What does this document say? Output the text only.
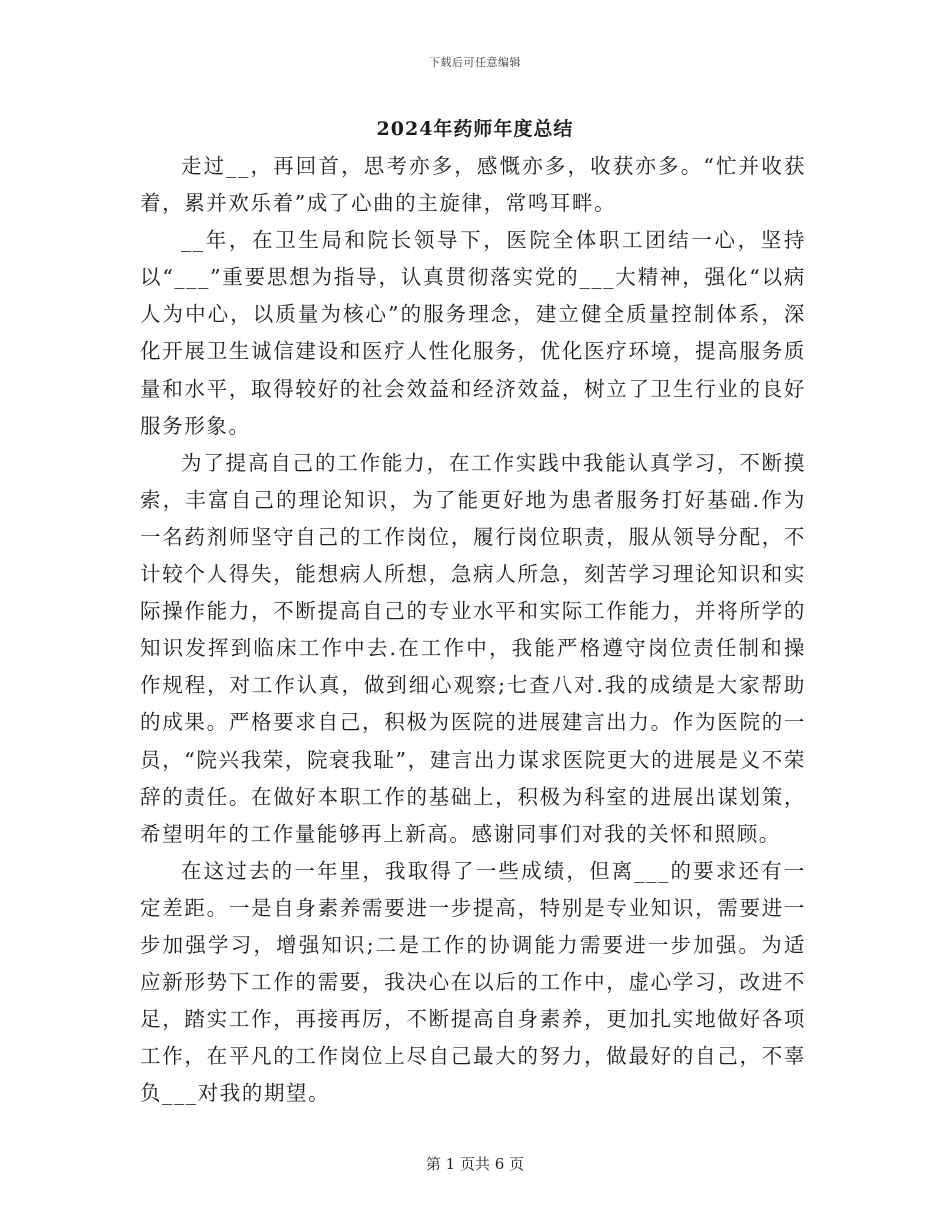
下载后可任意编辑
2024年药师年度总结

走过__，再回首，思考亦多，感慨亦多，收获亦多。“忙并收获着，累并欢乐着”成了心曲的主旋律，常鸣耳畔。

__年，在卫生局和院长领导下，医院全体职工团结一心，坚持以“___”重要思想为指导，认真贯彻落实党的___大精神，强化“以病人为中心，以质量为核心”的服务理念，建立健全质量控制体系，深化开展卫生诚信建设和医疗人性化服务，优化医疗环境，提高服务质量和水平，取得较好的社会效益和经济效益，树立了卫生行业的良好服务形象。

为了提高自己的工作能力，在工作实践中我能认真学习，不断摸索，丰富自己的理论知识，为了能更好地为患者服务打好基础.作为一名药剂师坚守自己的工作岗位，履行岗位职责，服从领导分配，不计较个人得失，能想病人所想，急病人所急，刻苦学习理论知识和实际操作能力，不断提高自己的专业水平和实际工作能力，并将所学的知识发挥到临床工作中去.在工作中，我能严格遵守岗位责任制和操作规程，对工作认真，做到细心观察;七查八对.我的成绩是大家帮助的成果。严格要求自己，积极为医院的进展建言出力。作为医院的一员，“院兴我荣，院衰我耻”，建言出力谋求医院更大的进展是义不荣辞的责任。在做好本职工作的基础上，积极为科室的进展出谋划策，希望明年的工作量能够再上新高。感谢同事们对我的关怀和照顾。

在这过去的一年里，我取得了一些成绩，但离___的要求还有一定差距。一是自身素养需要进一步提高，特别是专业知识，需要进一步加强学习，增强知识;二是工作的协调能力需要进一步加强。为适应新形势下工作的需要，我决心在以后的工作中，虚心学习，改进不足，踏实工作，再接再厉，不断提高自身素养，更加扎实地做好各项工作，在平凡的工作岗位上尽自己最大的努力，做最好的自己，不辜负___对我的期望。

第 1 页共 6 页
